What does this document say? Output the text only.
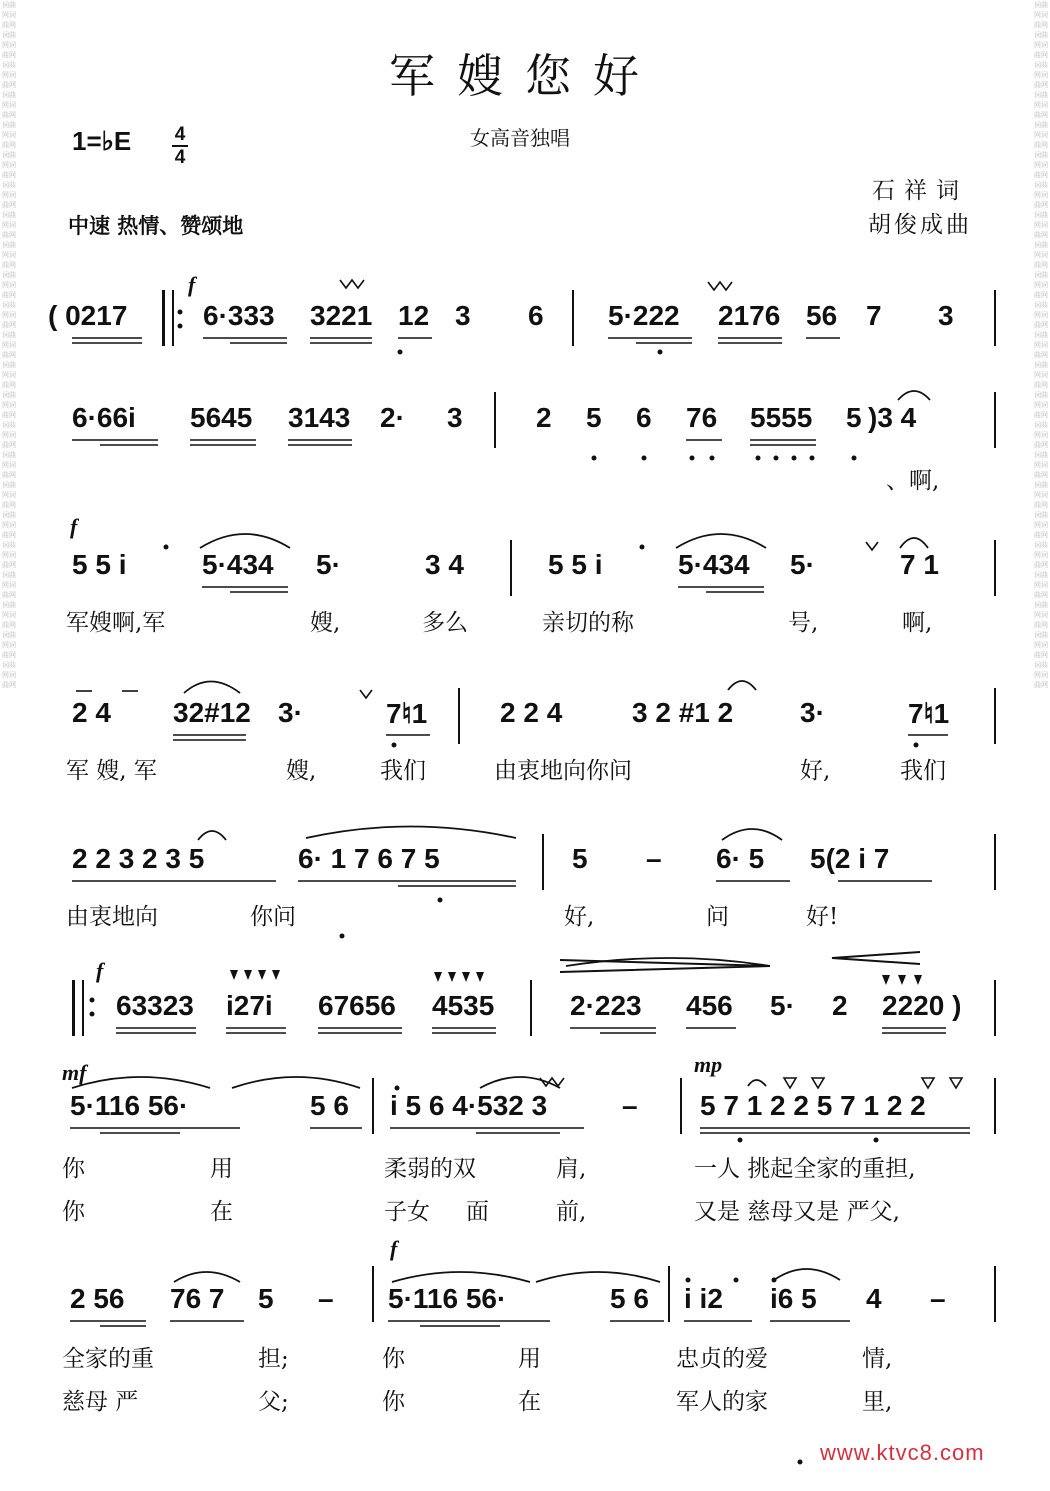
词曲网词曲网词曲网词曲网词曲网词曲网词曲网词曲网词曲网词曲网词曲网词曲网词曲网词曲网词曲网词曲网词曲网词曲网词曲网词曲网词曲网词曲网词曲网词曲网词曲网词曲网词曲网词曲网词曲网词曲网词曲网词曲网词曲网词曲网词曲网词曲网词曲网词曲网词曲网词曲网词曲网词曲网词曲网词曲网词曲网词曲网
词曲网词曲网词曲网词曲网词曲网词曲网词曲网词曲网词曲网词曲网词曲网词曲网词曲网词曲网词曲网词曲网词曲网词曲网词曲网词曲网词曲网词曲网词曲网词曲网词曲网词曲网词曲网词曲网词曲网词曲网词曲网词曲网词曲网词曲网词曲网词曲网词曲网词曲网词曲网词曲网词曲网词曲网词曲网词曲网词曲网词曲网
军嫂您好
女高音独唱
1=♭E 4
4
中速 热情、赞颂地
石祥词
胡俊成曲
( 0217	6·333 3221 12 3 6 5·222 2176 56 7 3
6·66i 5645 3143 2· 3	2 5 6 76 5555 5 )3 4
5 5 i	5·434 5·	3 4	5 5 i	5·434 5·	7 1
2 4 32#12 3·	7♮1	2 2 4 3 2 #1 2 3·	7♮1
2 2 3 2 3 5	6· 1 7 6 7 5	5 – 6· 5 5(2 i 7
63323 i27i 67656 4535	2·223 456 5· 2 2220 )
5·116 56·	5 6 i 5 6 4·532 3	– 5 7 1 2 2 5 7 1 2 2
2 56 76 7 5 – 5·116 56·	5 6 i i2 i6 5 4 –
军嫂啊,军	嫂,	多么	亲切的称	号,	啊,
军 嫂, 军	嫂,	我们	由衷地向你问	好,	我们
由衷地向	你问	好,	问	好!
你	用	柔弱的双	肩,	一人 挑起全家的重担,
你	在	子女 面	前,	又是 慈母又是 严父,
全家的重	担;	你	用	忠贞的爱	情,
慈母 严	父;	你	在	军人的家	里,
、啊,
f
f
f
mf	mp
f
www.ktvc8.com
